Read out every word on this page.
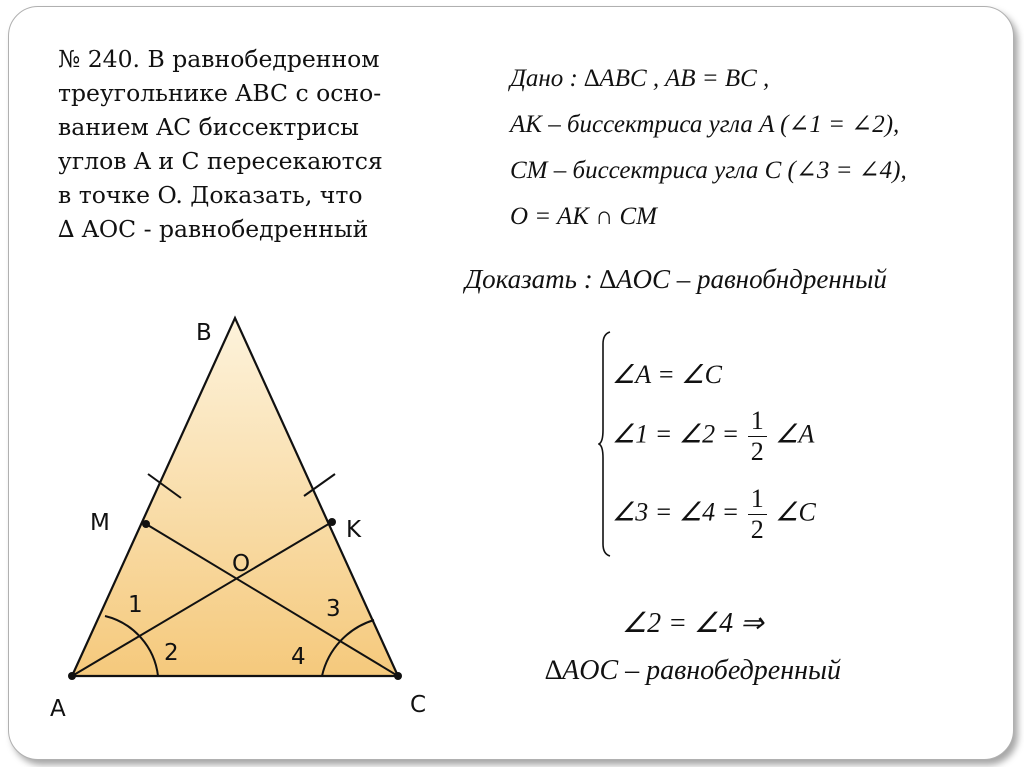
№ 240. В равнобедренном
треугольнике ABC с осно-
ванием AC биссектрисы
углов A и C пересекаются
в точке O. Доказать, что
∆ AOC - равнобедренный
Дано : ∆ABC , AB = BC ,
AK – биссектриса угла A (∠1 = ∠2),
CM – биссектриса угла C (∠3 = ∠4),
O = AK ∩ CM
Доказать : ∆AOC – равнобндренный
∠A = ∠C
∠1 = ∠2 = $\frac{1}{2}$ ∠A
∠3 = ∠4 = $\frac{1}{2}$ ∠C
∠2 = ∠4 ⇒
∆AOC – равнобедренный
B
M	K
O
A	C
1
2
3
4
